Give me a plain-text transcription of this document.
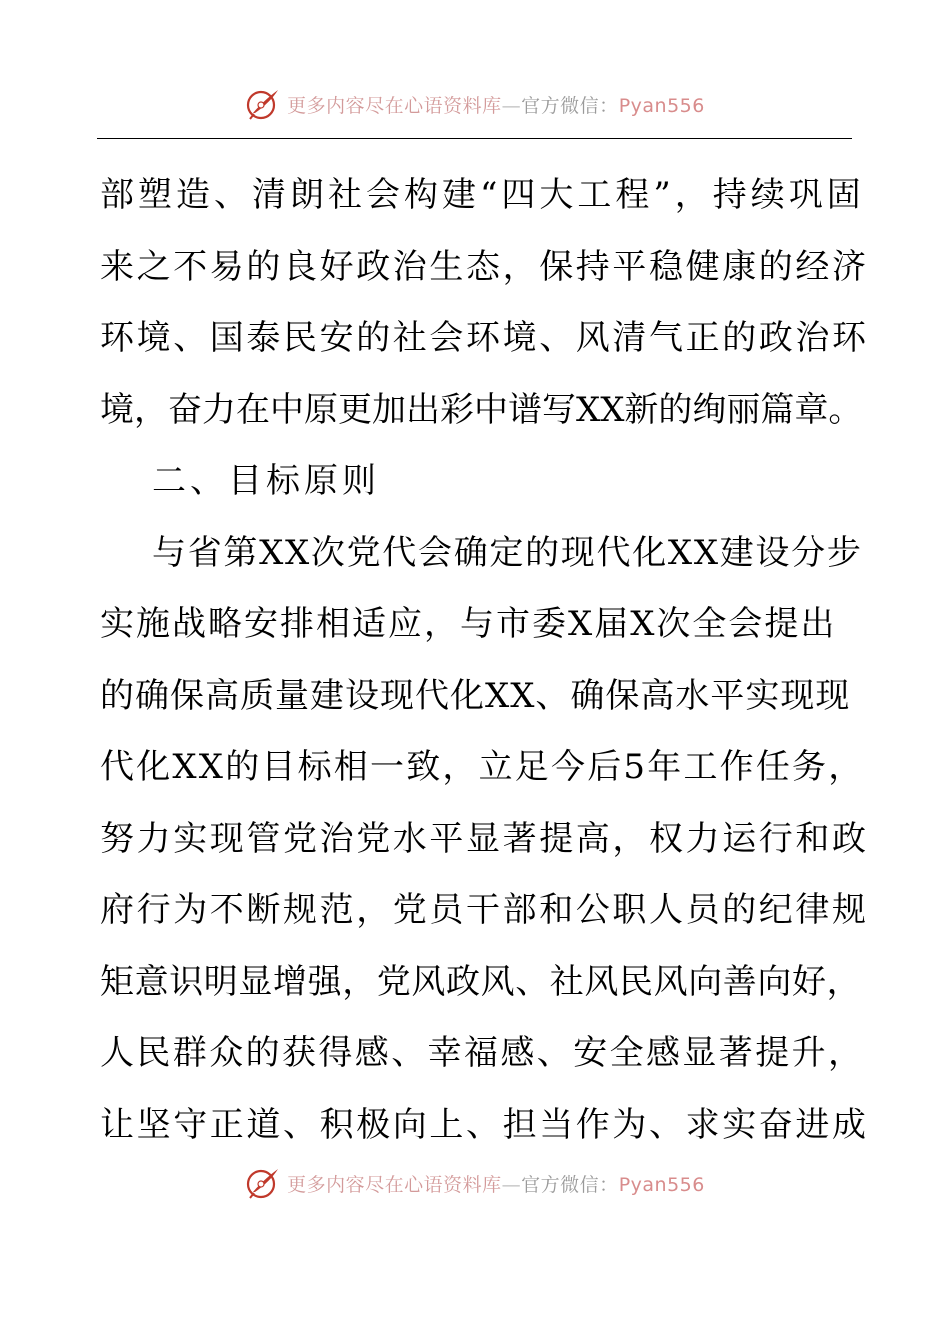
更多内容尽在心语资料库—官方微信：Pyan556
部塑造、清朗社会构建“四大工程”，持续巩固
来之不易的良好政治生态，保持平稳健康的经济
环境、国泰民安的社会环境、风清气正的政治环
境，奋力在中原更加出彩中谱写XX新的绚丽篇章。
二、目标原则
与省第XX次党代会确定的现代化XX建设分步
实施战略安排相适应，与市委X届X次全会提出
的确保高质量建设现代化XX、确保高水平实现现
代化XX的目标相一致，立足今后5年工作任务，
努力实现管党治党水平显著提高，权力运行和政
府行为不断规范，党员干部和公职人员的纪律规
矩意识明显增强，党风政风、社风民风向善向好，
人民群众的获得感、幸福感、安全感显著提升，
让坚守正道、积极向上、担当作为、求实奋进成
更多内容尽在心语资料库—官方微信：Pyan556
